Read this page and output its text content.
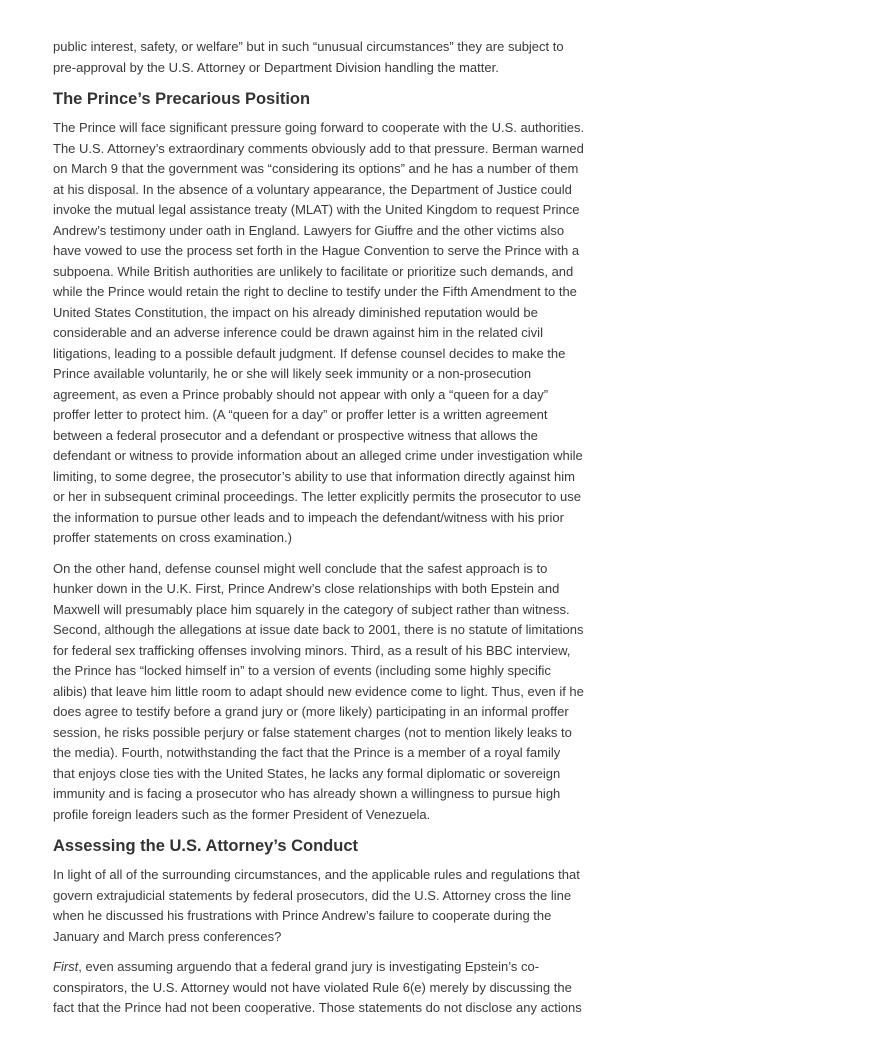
public interest, safety, or welfare” but in such “unusual circumstances” they are subject to pre-approval by the U.S. Attorney or Department Division handling the matter.

The Prince’s Precarious Position

The Prince will face significant pressure going forward to cooperate with the U.S. authorities. The U.S. Attorney’s extraordinary comments obviously add to that pressure. Berman warned on March 9 that the government was “considering its options” and he has a number of them at his disposal. In the absence of a voluntary appearance, the Department of Justice could invoke the mutual legal assistance treaty (MLAT) with the United Kingdom to request Prince Andrew’s testimony under oath in England. Lawyers for Giuffre and the other victims also have vowed to use the process set forth in the Hague Convention to serve the Prince with a subpoena. While British authorities are unlikely to facilitate or prioritize such demands, and while the Prince would retain the right to decline to testify under the Fifth Amendment to the United States Constitution, the impact on his already diminished reputation would be considerable and an adverse inference could be drawn against him in the related civil litigations, leading to a possible default judgment. If defense counsel decides to make the Prince available voluntarily, he or she will likely seek immunity or a non-prosecution agreement, as even a Prince probably should not appear with only a “queen for a day” proffer letter to protect him. (A “queen for a day” or proffer letter is a written agreement between a federal prosecutor and a defendant or prospective witness that allows the defendant or witness to provide information about an alleged crime under investigation while limiting, to some degree, the prosecutor’s ability to use that information directly against him or her in subsequent criminal proceedings. The letter explicitly permits the prosecutor to use the information to pursue other leads and to impeach the defendant/witness with his prior proffer statements on cross examination.)

On the other hand, defense counsel might well conclude that the safest approach is to hunker down in the U.K. First, Prince Andrew’s close relationships with both Epstein and Maxwell will presumably place him squarely in the category of subject rather than witness. Second, although the allegations at issue date back to 2001, there is no statute of limitations for federal sex trafficking offenses involving minors. Third, as a result of his BBC interview, the Prince has “locked himself in” to a version of events (including some highly specific alibis) that leave him little room to adapt should new evidence come to light. Thus, even if he does agree to testify before a grand jury or (more likely) participating in an informal proffer session, he risks possible perjury or false statement charges (not to mention likely leaks to the media). Fourth, notwithstanding the fact that the Prince is a member of a royal family that enjoys close ties with the United States, he lacks any formal diplomatic or sovereign immunity and is facing a prosecutor who has already shown a willingness to pursue high profile foreign leaders such as the former President of Venezuela.

Assessing the U.S. Attorney’s Conduct

In light of all of the surrounding circumstances, and the applicable rules and regulations that govern extrajudicial statements by federal prosecutors, did the U.S. Attorney cross the line when he discussed his frustrations with Prince Andrew’s failure to cooperate during the January and March press conferences?

First, even assuming arguendo that a federal grand jury is investigating Epstein’s co-conspirators, the U.S. Attorney would not have violated Rule 6(e) merely by discussing the fact that the Prince had not been cooperative. Those statements do not disclose any actions
